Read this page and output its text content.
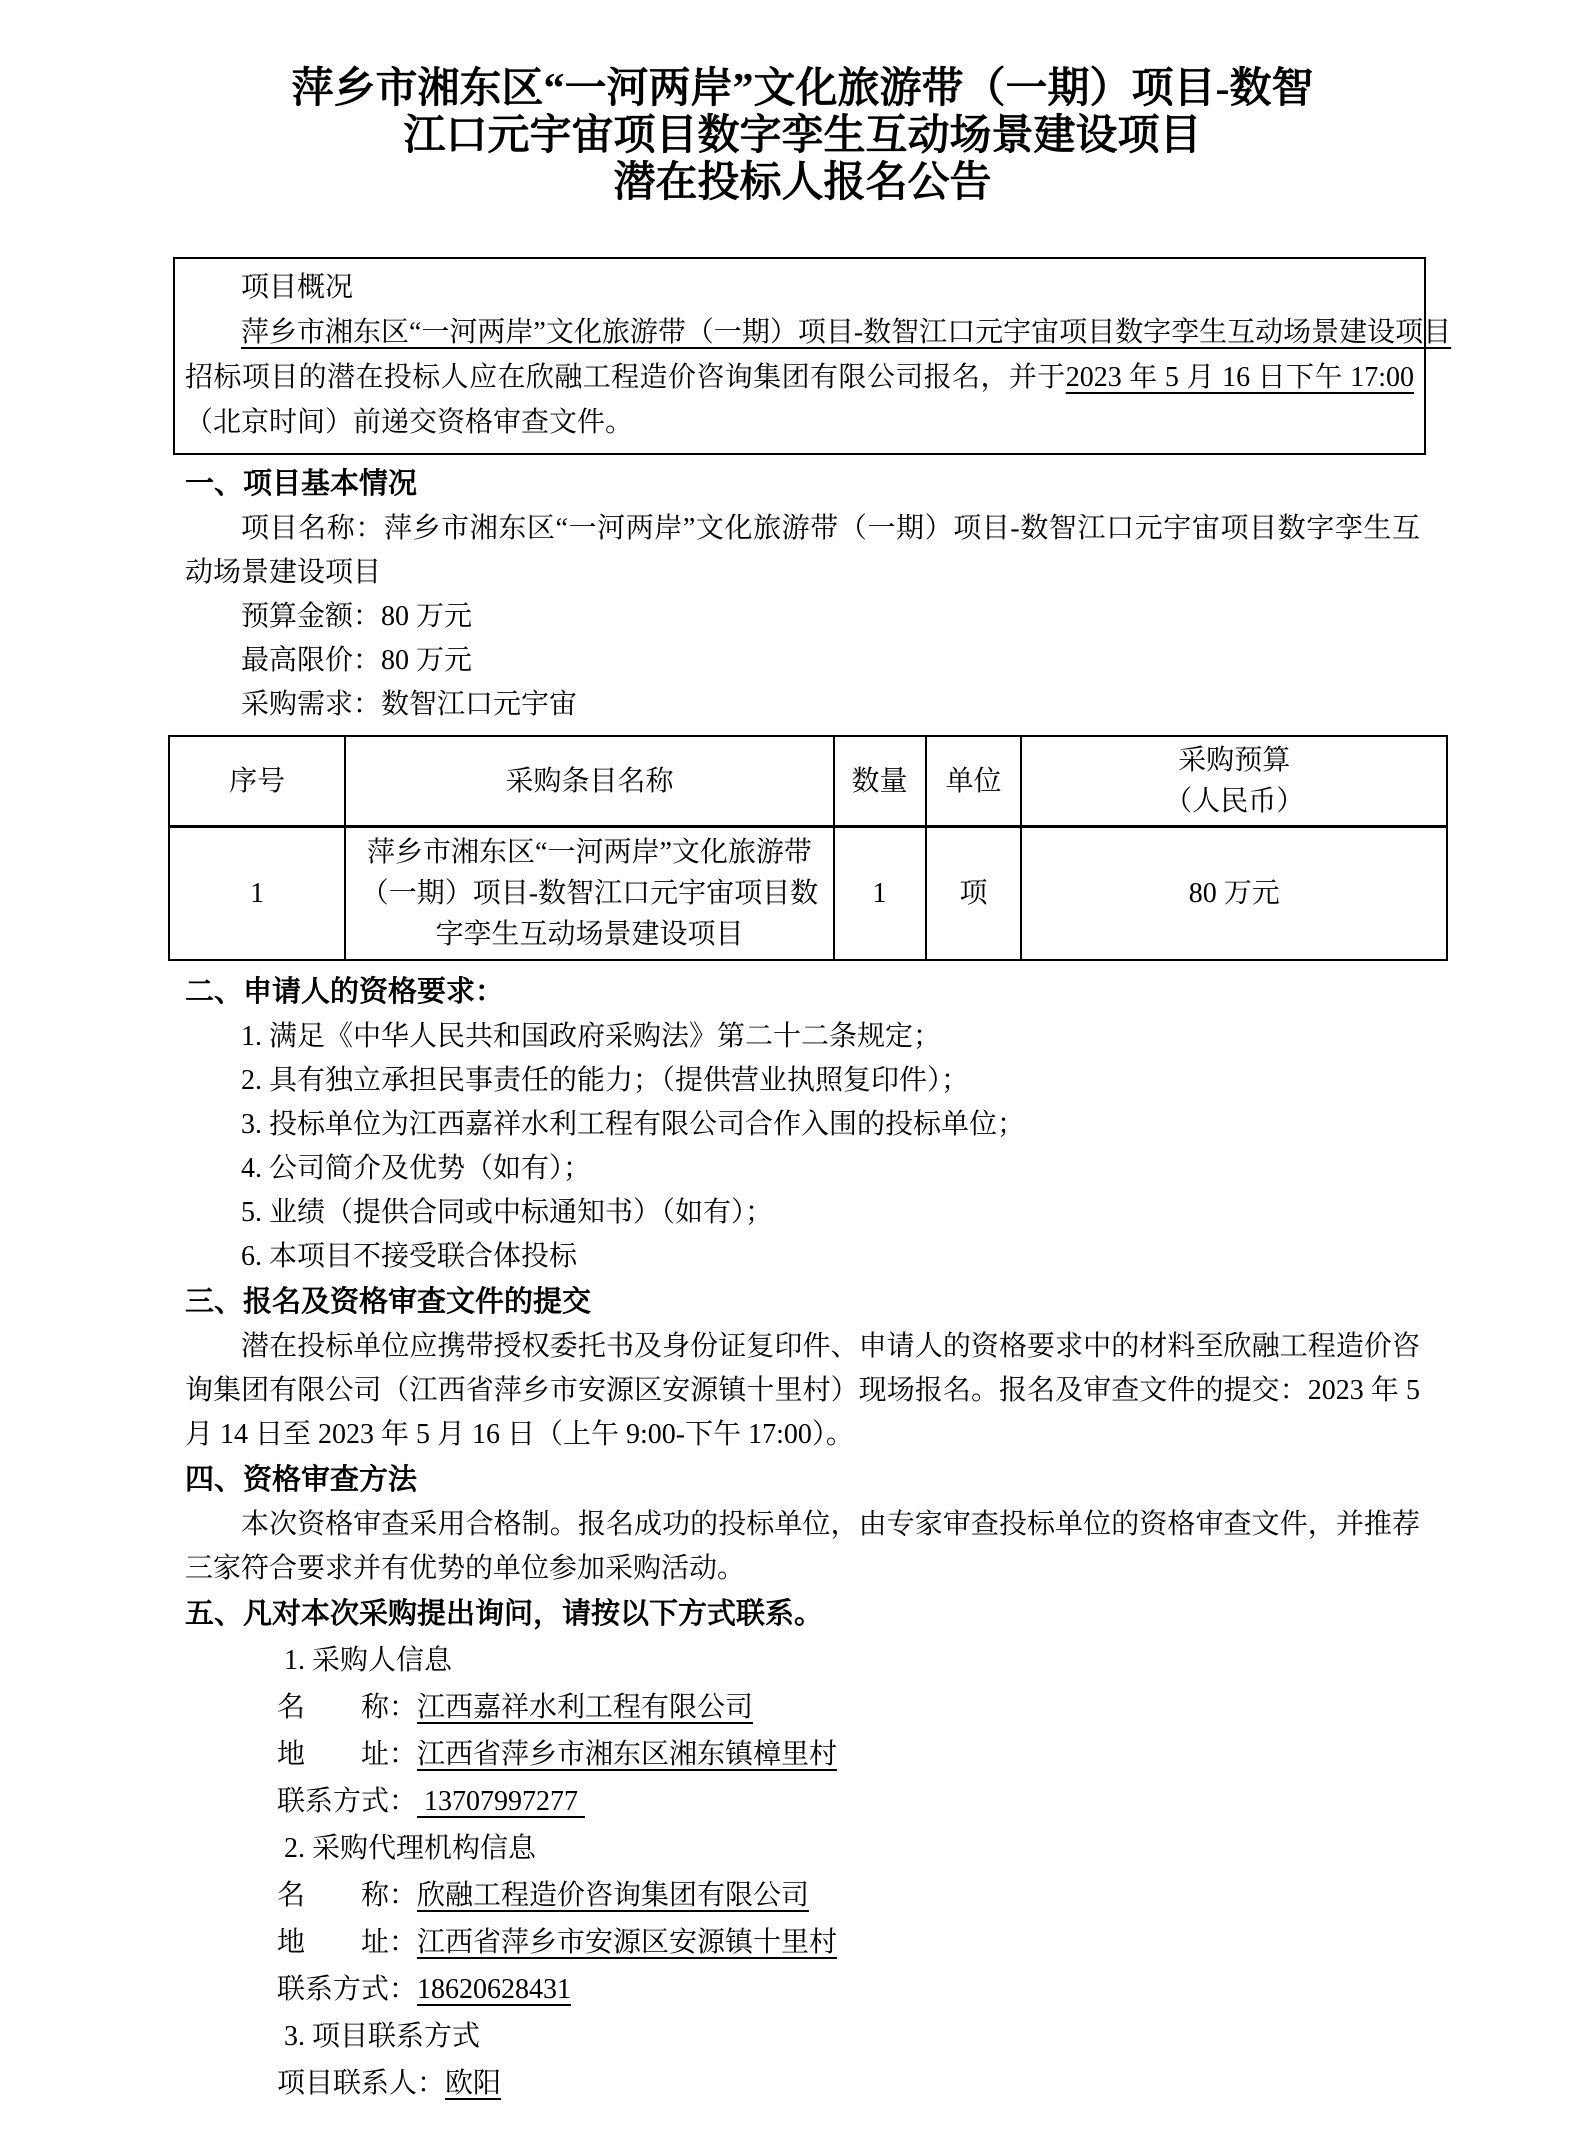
萍乡市湘东区“一河两岸”文化旅游带（一期）项目-数智
江口元宇宙项目数字孪生互动场景建设项目
潜在投标人报名公告
项目概况
萍乡市湘东区“一河两岸”文化旅游带（一期）项目-数智江口元宇宙项目数字孪生互动场景建设项目招标项目的潜在投标人应在欣融工程造价咨询集团有限公司报名，并于2023 年 5 月 16 日下午 17:00（北京时间）前递交资格审查文件。
一、项目基本情况
项目名称：萍乡市湘东区“一河两岸”文化旅游带（一期）项目-数智江口元宇宙项目数字孪生互动场景建设项目
预算金额：80 万元
最高限价：80 万元
采购需求：数智江口元宇宙
序号	采购条目名称	数量	单位	采购预算
（人民币）

1	萍乡市湘东区“一河两岸”文化旅游带（一期）项目-数智江口元宇宙项目数字孪生互动场景建设项目	1	项	80 万元
二、申请人的资格要求：
1. 满足《中华人民共和国政府采购法》第二十二条规定；
2. 具有独立承担民事责任的能力；（提供营业执照复印件）；
3. 投标单位为江西嘉祥水利工程有限公司合作入围的投标单位；
4. 公司简介及优势（如有）；
5. 业绩（提供合同或中标通知书）（如有）；
6. 本项目不接受联合体投标
三、报名及资格审查文件的提交
潜在投标单位应携带授权委托书及身份证复印件、申请人的资格要求中的材料至欣融工程造价咨询集团有限公司（江西省萍乡市安源区安源镇十里村）现场报名。报名及审查文件的提交：2023 年 5 月 14 日至 2023 年 5 月 16 日（上午 9:00-下午 17:00）。
四、资格审查方法
本次资格审查采用合格制。报名成功的投标单位，由专家审查投标单位的资格审查文件，并推荐三家符合要求并有优势的单位参加采购活动。
五、凡对本次采购提出询问，请按以下方式联系。
1. 采购人信息
名　　称：江西嘉祥水利工程有限公司
地　　址：江西省萍乡市湘东区湘东镇樟里村
联系方式： 13707997277
2. 采购代理机构信息
名　　称：欣融工程造价咨询集团有限公司
地　　址：江西省萍乡市安源区安源镇十里村
联系方式：18620628431
3. 项目联系方式
项目联系人：欧阳
